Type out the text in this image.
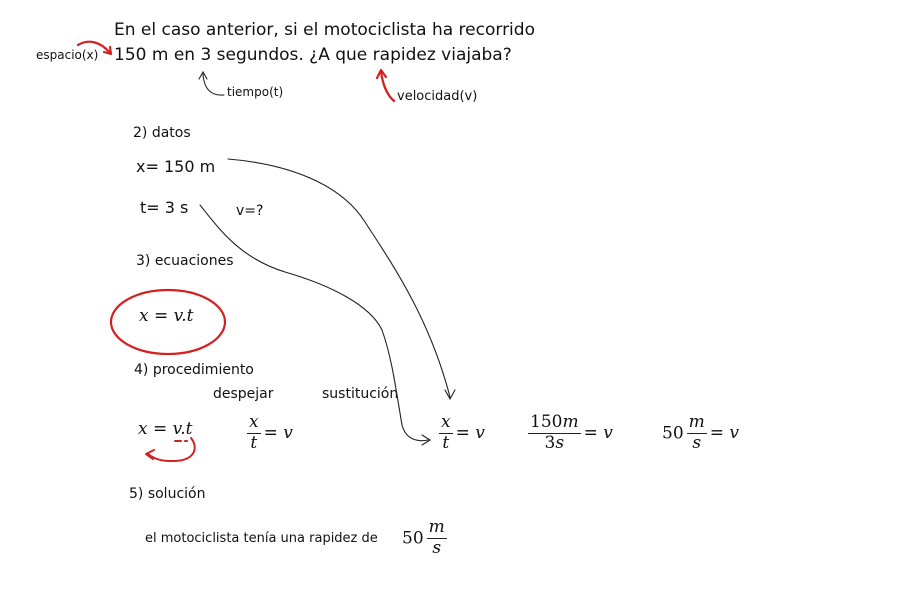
En el caso anterior, si el motociclista ha recorrido
150 m en 3 segundos. ¿A que rapidez viajaba?
espacio(x)
tiempo(t)	velocidad(v)
2) datos
x= 150 m
t= 3 s	v=?
3) ecuaciones
x = v.t
4) procedimiento
despejar	sustitución
x = v.t	$\frac{x}{t} = v$	$\frac{x}{t} = v$	$\frac{150m}{3s} = v$	$50 \frac{m}{s} = v$
5) solución
el motociclista tenía una rapidez de $50 \frac{m}{s}$
